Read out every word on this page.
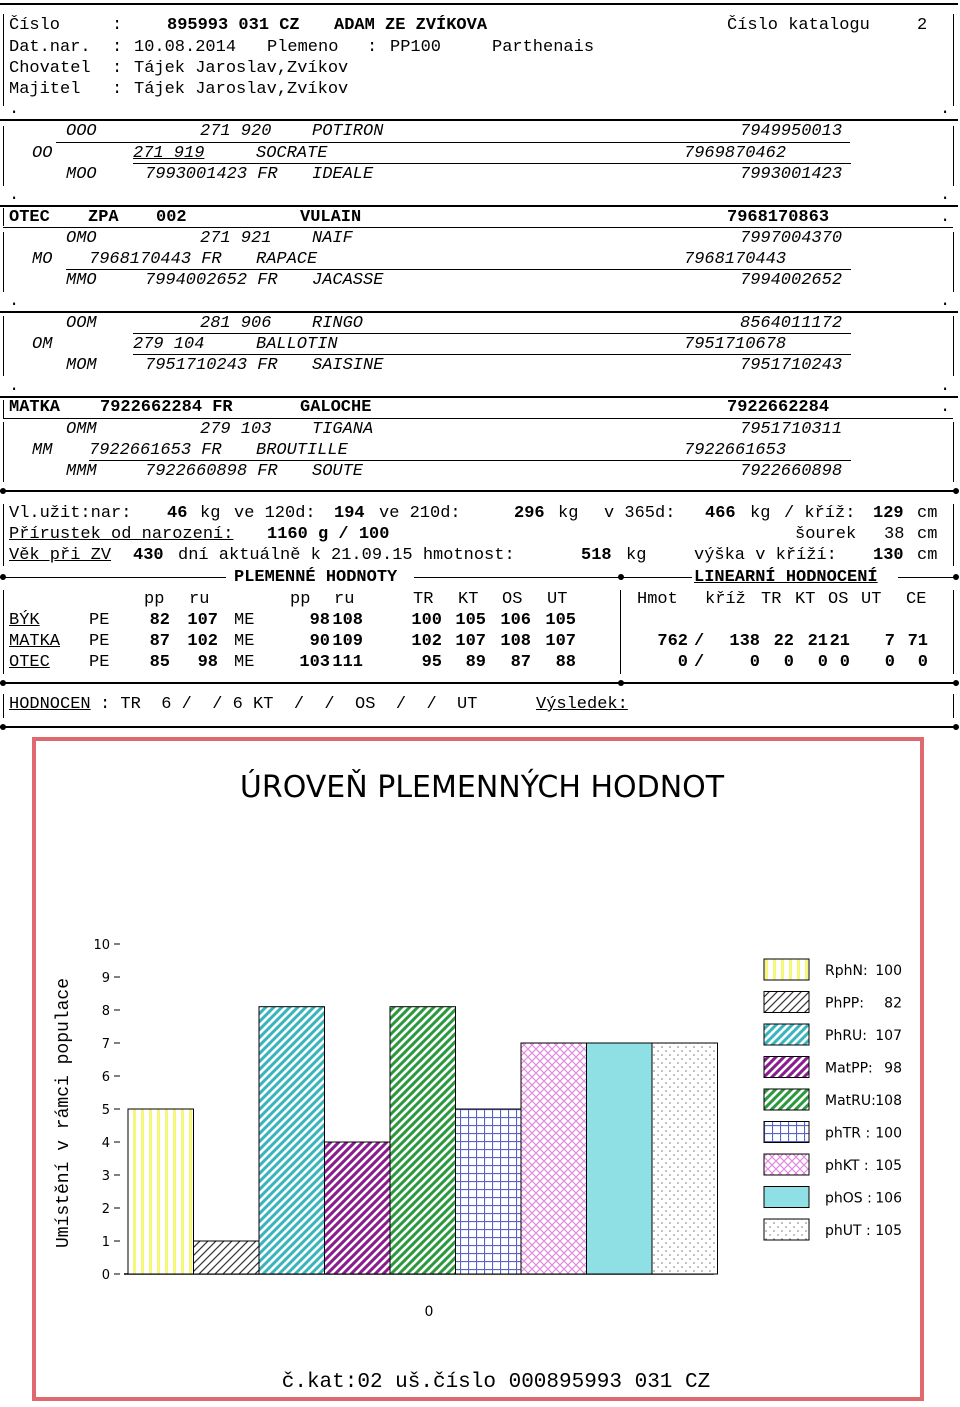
Číslo	:	895993 031 CZ ADAM ZE ZVÍKOVA	Číslo katalogu	2
Dat.nar. : 10.08.2014 Plemeno : PP100	Parthenais
Chovatel : Tájek Jaroslav,Zvíkov
Majitel : Tájek Jaroslav,Zvíkov
.	.
OOO	271 920 POTIRON	7949950013
OO	271 919	SOCRATE	7969870462
MOO	7993001423 FR IDEALE	7993001423
.	.
OTEC ZPA 002	VULAIN	7968170863	.
OMO	271 921 NAIF	7997004370
MO 7968170443 FR RAPACE	7968170443
MMO	7994002652 FR JACASSE	7994002652
.	.
OOM	281 906 RINGO	8564011172
OM	279 104	BALLOTIN	7951710678
MOM	7951710243 FR SAISINE	7951710243
.	.
MATKA 7922662284 FR	GALOCHE	7922662284	.
OMM	279 103 TIGANA	7951710311
MM 7922661653 FR BROUTILLE	7922661653
MMM	7922660898 FR SOUTE	7922660898
Vl.užit:nar: 46 kg ve 120d: 194 ve 210d:	296 kg v 365d: 466 kg / kříž: 129 cm
Přírustek od narození: 1160 g / 100	šourek 38 cm
Věk při ZV 430 dní aktuálně k 21.09.15 hmotnost:	518 kg	výška v kříží: 130 cm
PLEMENNÉ HODNOTY	LINEARNÍ HODNOCENÍ
pp ru	pp ru	TR KT OS UT	Hmot kříž TR KT OS UT CE
BÝK	PE	82	107 ME	98 108	100 105 106 105
MATKA PE	87	102 ME	90 109	102 107 108 107	762 /	138 22 21 21	7 71
OTEC PE	85	98 ME	103 111	95	89	87	88	0 /	0	0	0 0	0	0
HODNOCEN : TR  6 /  / 6 KT  /  /  OS  /  /  UT	Výsledek:
ÚROVEŇ PLEMENNÝCH HODNOT
Umístění v rámci populace
0
1
2
3
4
5
6
7
8
9
10
RphN: 100
PhPP: 82
PhRU: 107
MatPP: 98
MatRU: 108
phTR : 100
phKT : 105
phOS : 106
phUT : 105
0
č.kat:02 uš.číslo 000895993 031 CZ
